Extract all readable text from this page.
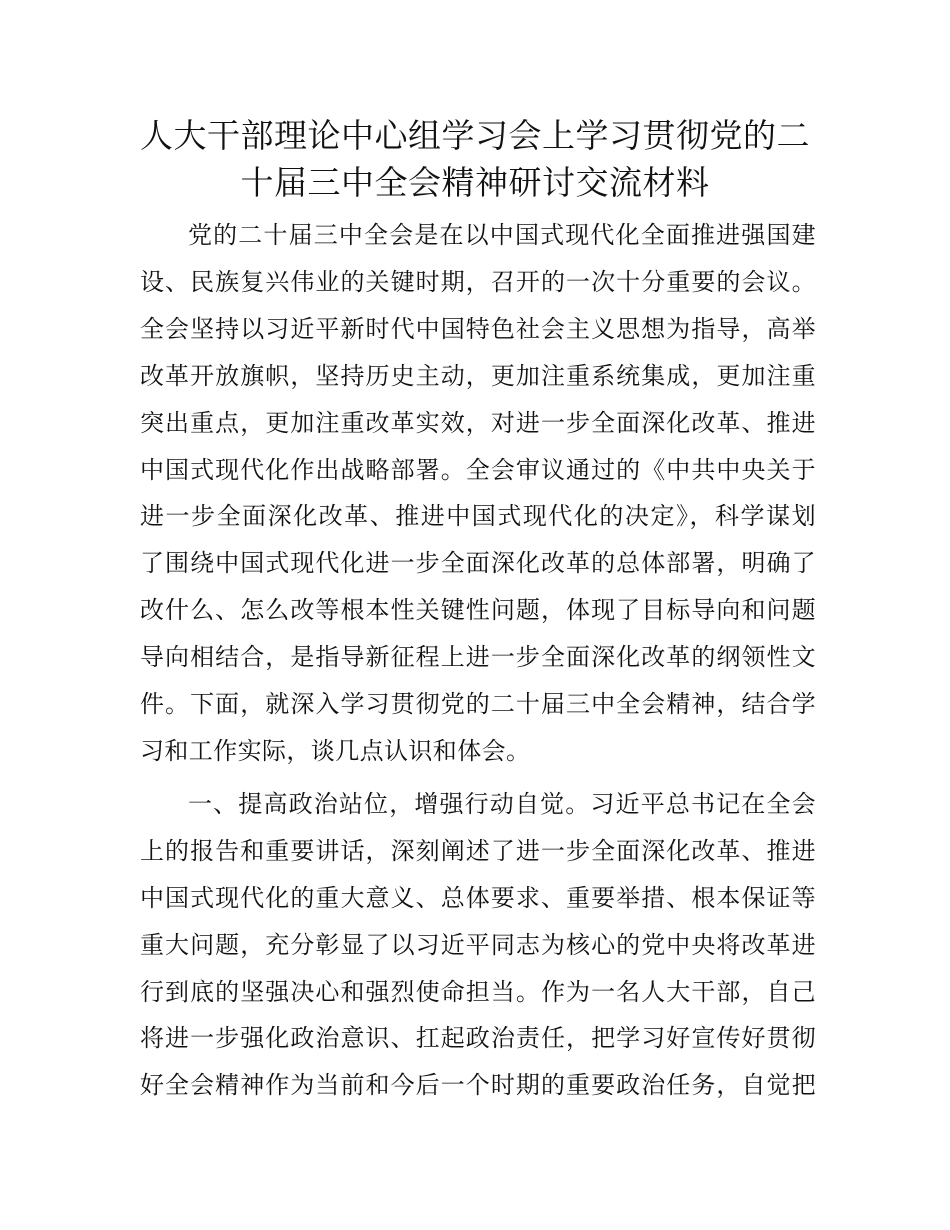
人大干部理论中心组学习会上学习贯彻党的二
十届三中全会精神研讨交流材料

党的二十届三中全会是在以中国式现代化全面推进强国建
设、民族复兴伟业的关键时期，召开的一次十分重要的会议。
全会坚持以习近平新时代中国特色社会主义思想为指导，高举
改革开放旗帜，坚持历史主动，更加注重系统集成，更加注重
突出重点，更加注重改革实效，对进一步全面深化改革、推进
中国式现代化作出战略部署。全会审议通过的《中共中央关于
进一步全面深化改革、推进中国式现代化的决定》，科学谋划
了围绕中国式现代化进一步全面深化改革的总体部署，明确了
改什么、怎么改等根本性关键性问题，体现了目标导向和问题
导向相结合，是指导新征程上进一步全面深化改革的纲领性文
件。下面，就深入学习贯彻党的二十届三中全会精神，结合学
习和工作实际，谈几点认识和体会。

一、提高政治站位，增强行动自觉。习近平总书记在全会
上的报告和重要讲话，深刻阐述了进一步全面深化改革、推进
中国式现代化的重大意义、总体要求、重要举措、根本保证等
重大问题，充分彰显了以习近平同志为核心的党中央将改革进
行到底的坚强决心和强烈使命担当。作为一名人大干部，自己
将进一步强化政治意识、扛起政治责任，把学习好宣传好贯彻
好全会精神作为当前和今后一个时期的重要政治任务，自觉把
